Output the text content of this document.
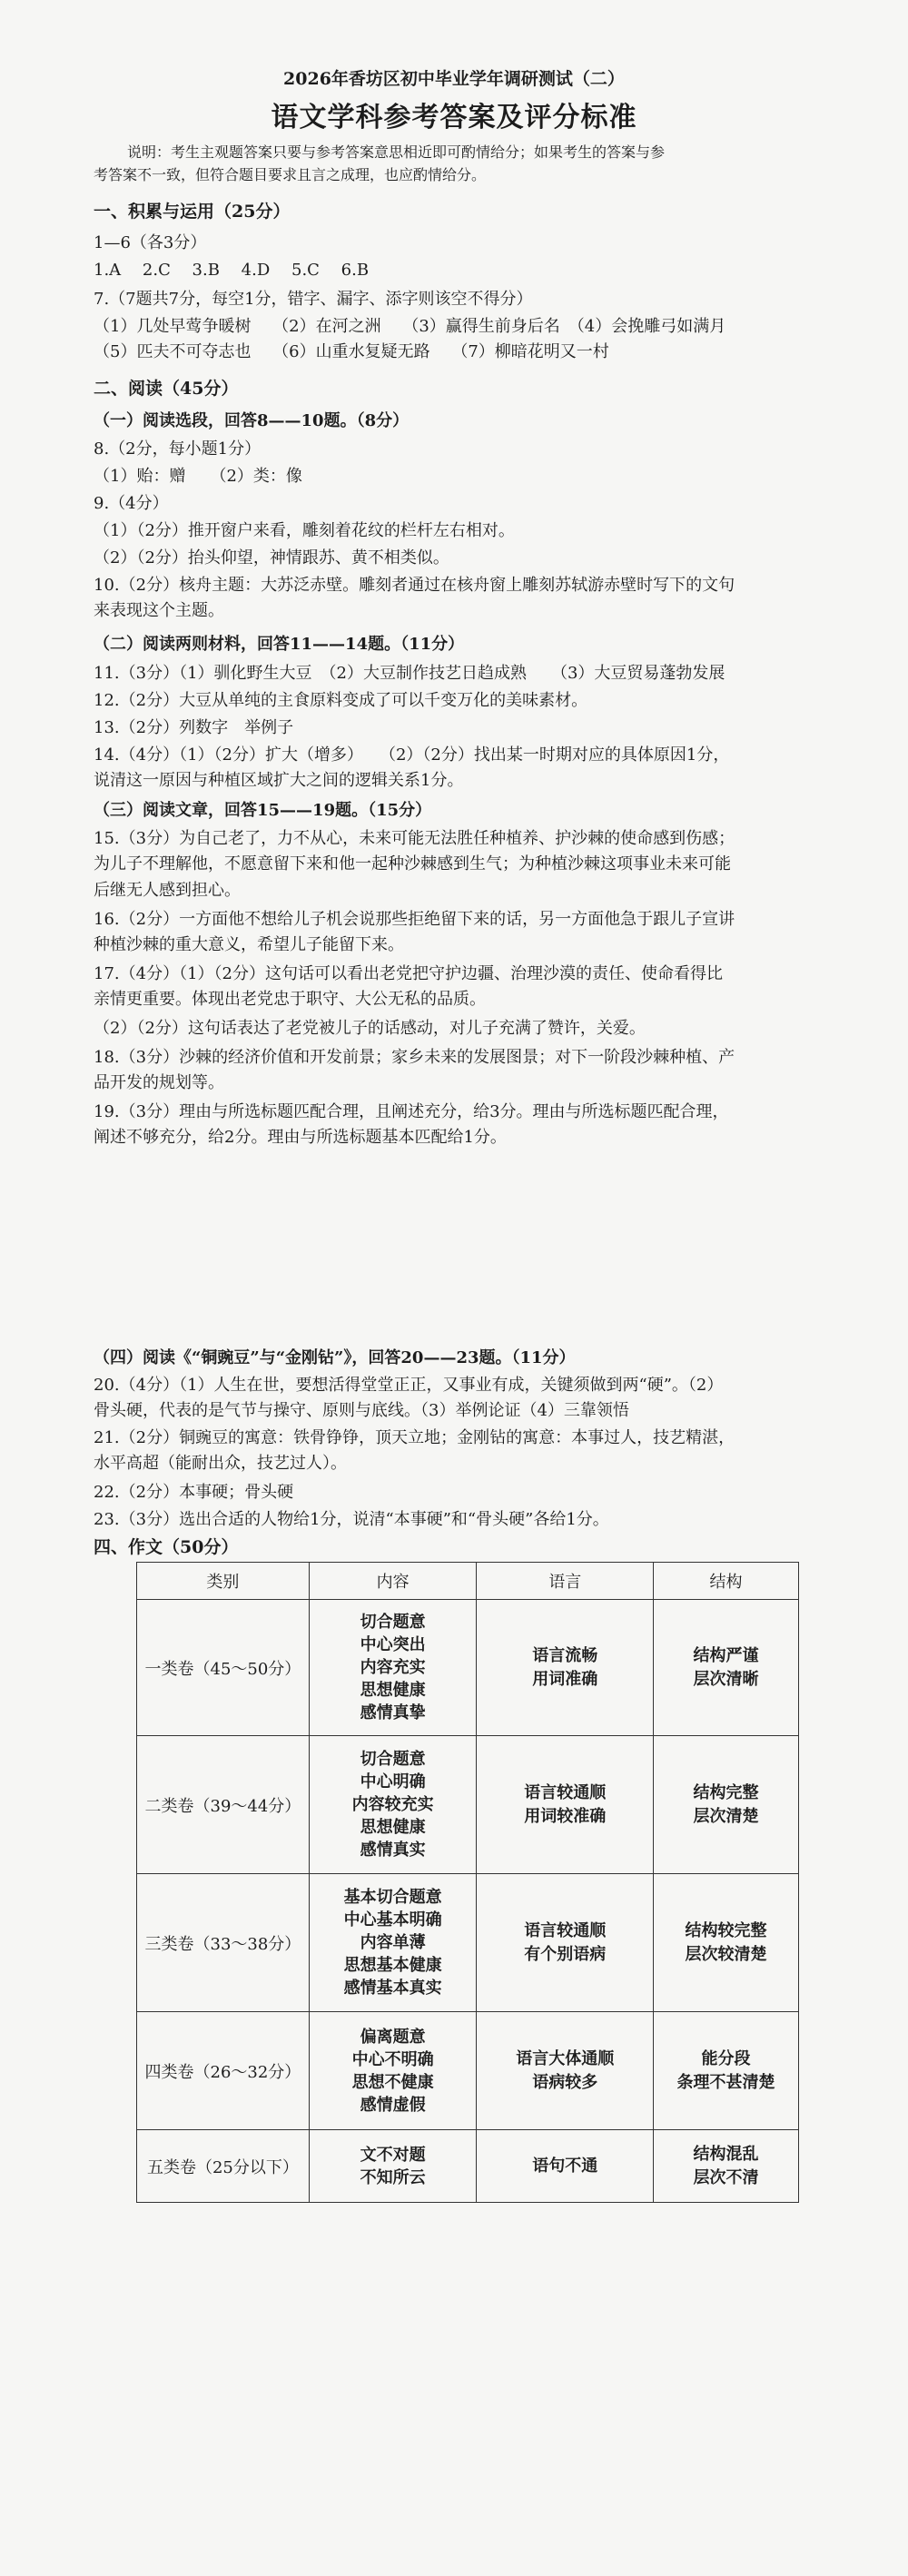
2026年香坊区初中毕业学年调研测试（二）
语文学科参考答案及评分标准
说明：考生主观题答案只要与参考答案意思相近即可酌情给分；如果考生的答案与参
考答案不一致，但符合题目要求且言之成理，也应酌情给分。
一、积累与运用（25分）
1—6（各3分）
1.A　 2.C　 3.B　 4.D　 5.C　 6.B
7.（7题共7分，每空1分，错字、漏字、添字则该空不得分）
（1）几处早莺争暖树　 （2）在河之洲　 （3）赢得生前身后名　（4）会挽雕弓如满月
（5）匹夫不可夺志也　 （6）山重水复疑无路　 （7）柳暗花明又一村
二、阅读（45分）
（一）阅读选段，回答8——10题。（8分）
8.（2分，每小题1分）
（1）贻：赠　　（2）类：像
9.（4分）
（1）（2分）推开窗户来看，雕刻着花纹的栏杆左右相对。
（2）（2分）抬头仰望，神情跟苏、黄不相类似。
10.（2分）核舟主题：大苏泛赤壁。雕刻者通过在核舟窗上雕刻苏轼游赤壁时写下的文句
来表现这个主题。
（二）阅读两则材料，回答11——14题。（11分）
11.（3分）（1）驯化野生大豆　（2）大豆制作技艺日趋成熟　　（3）大豆贸易蓬勃发展
12.（2分）大豆从单纯的主食原料变成了可以千变万化的美味素材。
13.（2分）列数字　举例子
14.（4分）（1）（2分）扩大（增多）　　（2）（2分）找出某一时期对应的具体原因1分，
说清这一原因与种植区域扩大之间的逻辑关系1分。
（三）阅读文章，回答15——19题。（15分）
15.（3分）为自己老了，力不从心，未来可能无法胜任种植养、护沙棘的使命感到伤感；
为儿子不理解他，不愿意留下来和他一起种沙棘感到生气；为种植沙棘这项事业未来可能
后继无人感到担心。
16.（2分）一方面他不想给儿子机会说那些拒绝留下来的话，另一方面他急于跟儿子宣讲
种植沙棘的重大意义，希望儿子能留下来。
17.（4分）（1）（2分）这句话可以看出老党把守护边疆、治理沙漠的责任、使命看得比
亲情更重要。体现出老党忠于职守、大公无私的品质。
（2）（2分）这句话表达了老党被儿子的话感动，对儿子充满了赞许，关爱。
18.（3分）沙棘的经济价值和开发前景；家乡未来的发展图景；对下一阶段沙棘种植、产
品开发的规划等。
19.（3分）理由与所选标题匹配合理，且阐述充分，给3分。理由与所选标题匹配合理，
阐述不够充分，给2分。理由与所选标题基本匹配给1分。
（四）阅读《“铜豌豆”与“金刚钻”》，回答20——23题。（11分）
20.（4分）（1）人生在世，要想活得堂堂正正，又事业有成，关键须做到两“硬”。（2）
骨头硬，代表的是气节与操守、原则与底线。（3）举例论证（4）三靠领悟
21.（2分）铜豌豆的寓意：铁骨铮铮，顶天立地；金刚钻的寓意：本事过人，技艺精湛，
水平高超（能耐出众，技艺过人）。
22.（2分）本事硬；骨头硬
23.（3分）选出合适的人物给1分，说清“本事硬”和“骨头硬”各给1分。
四、作文（50分）
类别	内容	语言	结构
一类卷（45～50分）	切合题意
中心突出
内容充实
思想健康
感情真挚	语言流畅
用词准确	结构严谨
层次清晰

二类卷（39～44分）	切合题意
中心明确
内容较充实
思想健康
感情真实	语言较通顺
用词较准确	结构完整
层次清楚

三类卷（33～38分）	基本切合题意
中心基本明确
内容单薄
思想基本健康
感情基本真实	语言较通顺
有个别语病	结构较完整
层次较清楚

四类卷（26～32分）	偏离题意
中心不明确
思想不健康
感情虚假	语言大体通顺
语病较多	能分段
条理不甚清楚

五类卷（25分以下）	文不对题
不知所云	语句不通	结构混乱
层次不清
